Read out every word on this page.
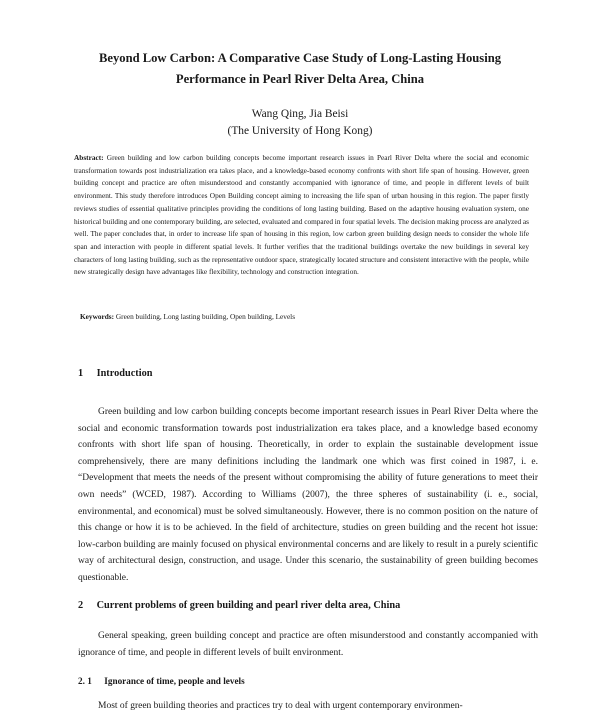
Beyond Low Carbon: A Comparative Case Study of Long-Lasting Housing
Performance in Pearl River Delta Area, China
Wang Qing, Jia Beisi
(The University of Hong Kong)
Abstract: Green building and low carbon building concepts become important research issues in Pearl River Delta where the social and economic transformation towards post industrialization era takes place, and a knowledge-based economy confronts with short life span of housing. However, green building concept and practice are often misunderstood and constantly accompanied with ignorance of time, and people in different levels of built environment. This study therefore introduces Open Building concept aiming to increasing the life span of urban housing in this region. The paper firstly reviews studies of essential qualitative principles providing the conditions of long lasting building. Based on the adaptive housing evaluation system, one historical building and one contemporary building, are selected, evaluated and compared in four spatial levels. The decision making process are analyzed as well. The paper concludes that, in order to increase life span of housing in this region, low carbon green building design needs to consider the whole life span and interaction with people in different spatial levels. It further verifies that the traditional buildings overtake the new buildings in several key characters of long lasting building, such as the representative outdoor space, strategically located structure and consistent interactive with the people, while new strategically design have advantages like flexibility, technology and construction integration.
Keywords: Green building, Long lasting building, Open building, Levels
1 Introduction
Green building and low carbon building concepts become important research issues in Pearl River Delta where the social and economic transformation towards post industrialization era takes place, and a knowledge based economy confronts with short life span of housing. Theoretically, in order to explain the sustainable development issue comprehensively, there are many definitions including the landmark one which was first coined in 1987, i. e. “Development that meets the needs of the present without compromising the ability of future generations to meet their own needs” (WCED, 1987). According to Williams (2007), the three spheres of sustainability (i. e., social, environmental, and economical) must be solved simultaneously. However, there is no common position on the nature of this change or how it is to be achieved. In the field of architecture, studies on green building and the recent hot issue: low-carbon building are mainly focused on physical environmental concerns and are likely to result in a purely scientific way of architectural design, construction, and usage. Under this scenario, the sustainability of green building becomes questionable.
2 Current problems of green building and pearl river delta area, China
General speaking, green building concept and practice are often misunderstood and constantly accompanied with ignorance of time, and people in different levels of built environment.
2. 1 Ignorance of time, people and levels
Most of green building theories and practices try to deal with urgent contemporary environmen-
